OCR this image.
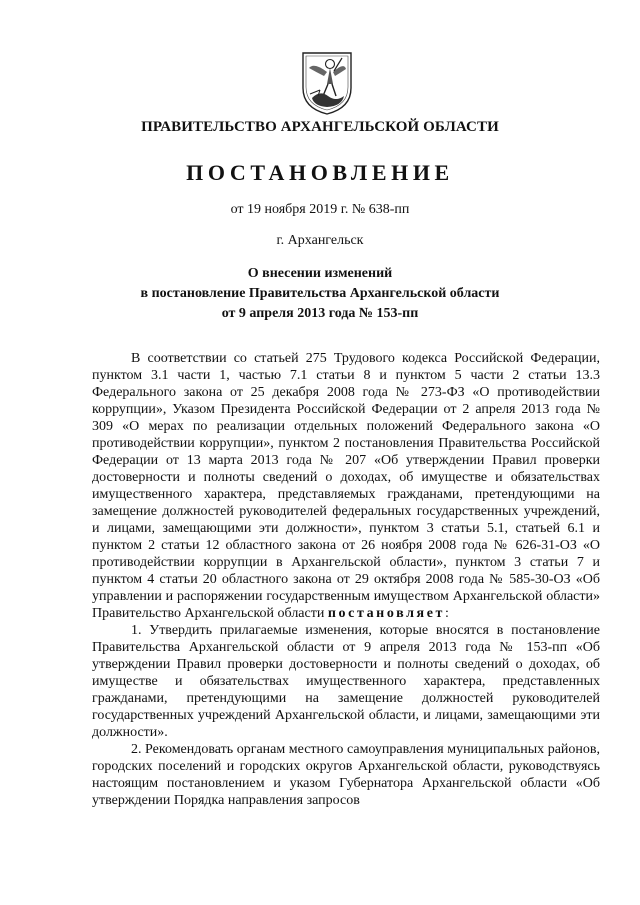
ПРАВИТЕЛЬСТВО АРХАНГЕЛЬСКОЙ ОБЛАСТИ
ПОСТАНОВЛЕНИЕ
от 19 ноября 2019 г. № 638-пп
г. Архангельск
О внесении изменений
в постановление Правительства Архангельской области
от 9 апреля 2013 года № 153-пп

В соответствии со статьей 275 Трудового кодекса Российской Федерации, пунктом 3.1 части 1, частью 7.1 статьи 8 и пунктом 5 части 2 статьи 13.3 Федерального закона от 25 декабря 2008 года № 273-ФЗ «О противодействии коррупции», Указом Президента Российской Федерации от 2 апреля 2013 года № 309 «О мерах по реализации отдельных положений Федерального закона «О противодействии коррупции», пунктом 2 постановления Правительства Российской Федерации от 13 марта 2013 года № 207 «Об утверждении Правил проверки достоверности и полноты сведений о доходах, об имуществе и обязательствах имущественного характера, представляемых гражданами, претендующими на замещение должностей руководителей федеральных государственных учреждений, и лицами, замещающими эти должности», пунктом 3 статьи 5.1, статьей 6.1 и пунктом 2 статьи 12 областного закона от 26 ноября 2008 года № 626-31-ОЗ «О противодействии коррупции в Архангельской области», пунктом 3 статьи 7 и пунктом 4 статьи 20 областного закона от 29 октября 2008 года № 585-30-ОЗ «Об управлении и распоряжении государственным имуществом Архангельской области» Правительство Архангельской области постановляет:

1. Утвердить прилагаемые изменения, которые вносятся в постановление Правительства Архангельской области от 9 апреля 2013 года № 153-пп «Об утверждении Правил проверки достоверности и полноты сведений о доходах, об имуществе и обязательствах имущественного характера, представленных гражданами, претендующими на замещение должностей руководителей государственных учреждений Архангельской области, и лицами, замещающими эти должности».

2. Рекомендовать органам местного самоуправления муниципальных районов, городских поселений и городских округов Архангельской области, руководствуясь настоящим постановлением и указом Губернатора Архангельской области «Об утверждении Порядка направления запросов
